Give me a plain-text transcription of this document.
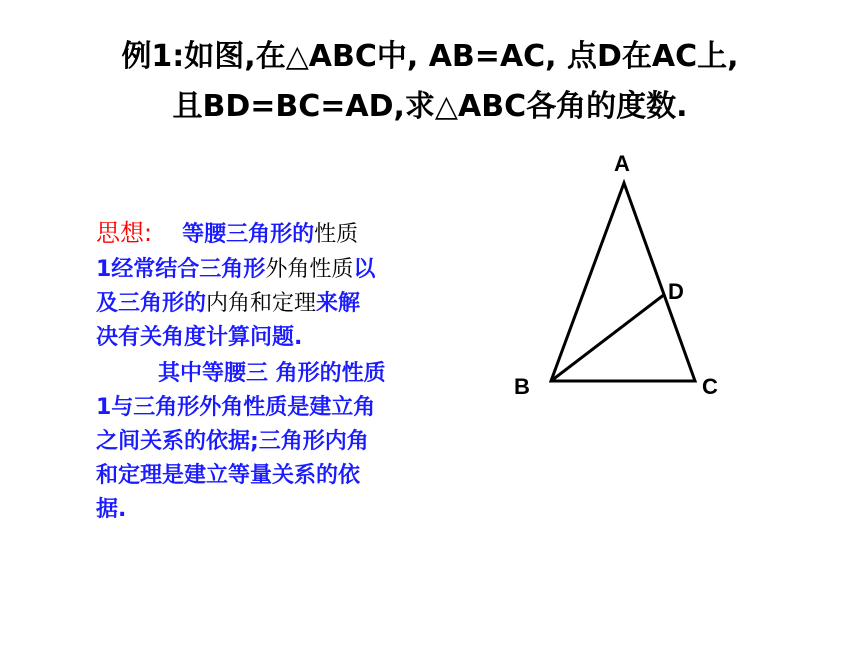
例1:如图,在△ABC中, AB=AC, 点D在AC上,
且BD=BC=AD,求△ABC各角的度数.
思想: 等腰三角形的性质
1经常结合三角形外角性质以
及三角形的内角和定理来解
决有关角度计算问题.
其中等腰三 角形的性质
1与三角形外角性质是建立角
之间关系的依据;三角形内角
和定理是建立等量关系的依
据.
A
D
B	C
